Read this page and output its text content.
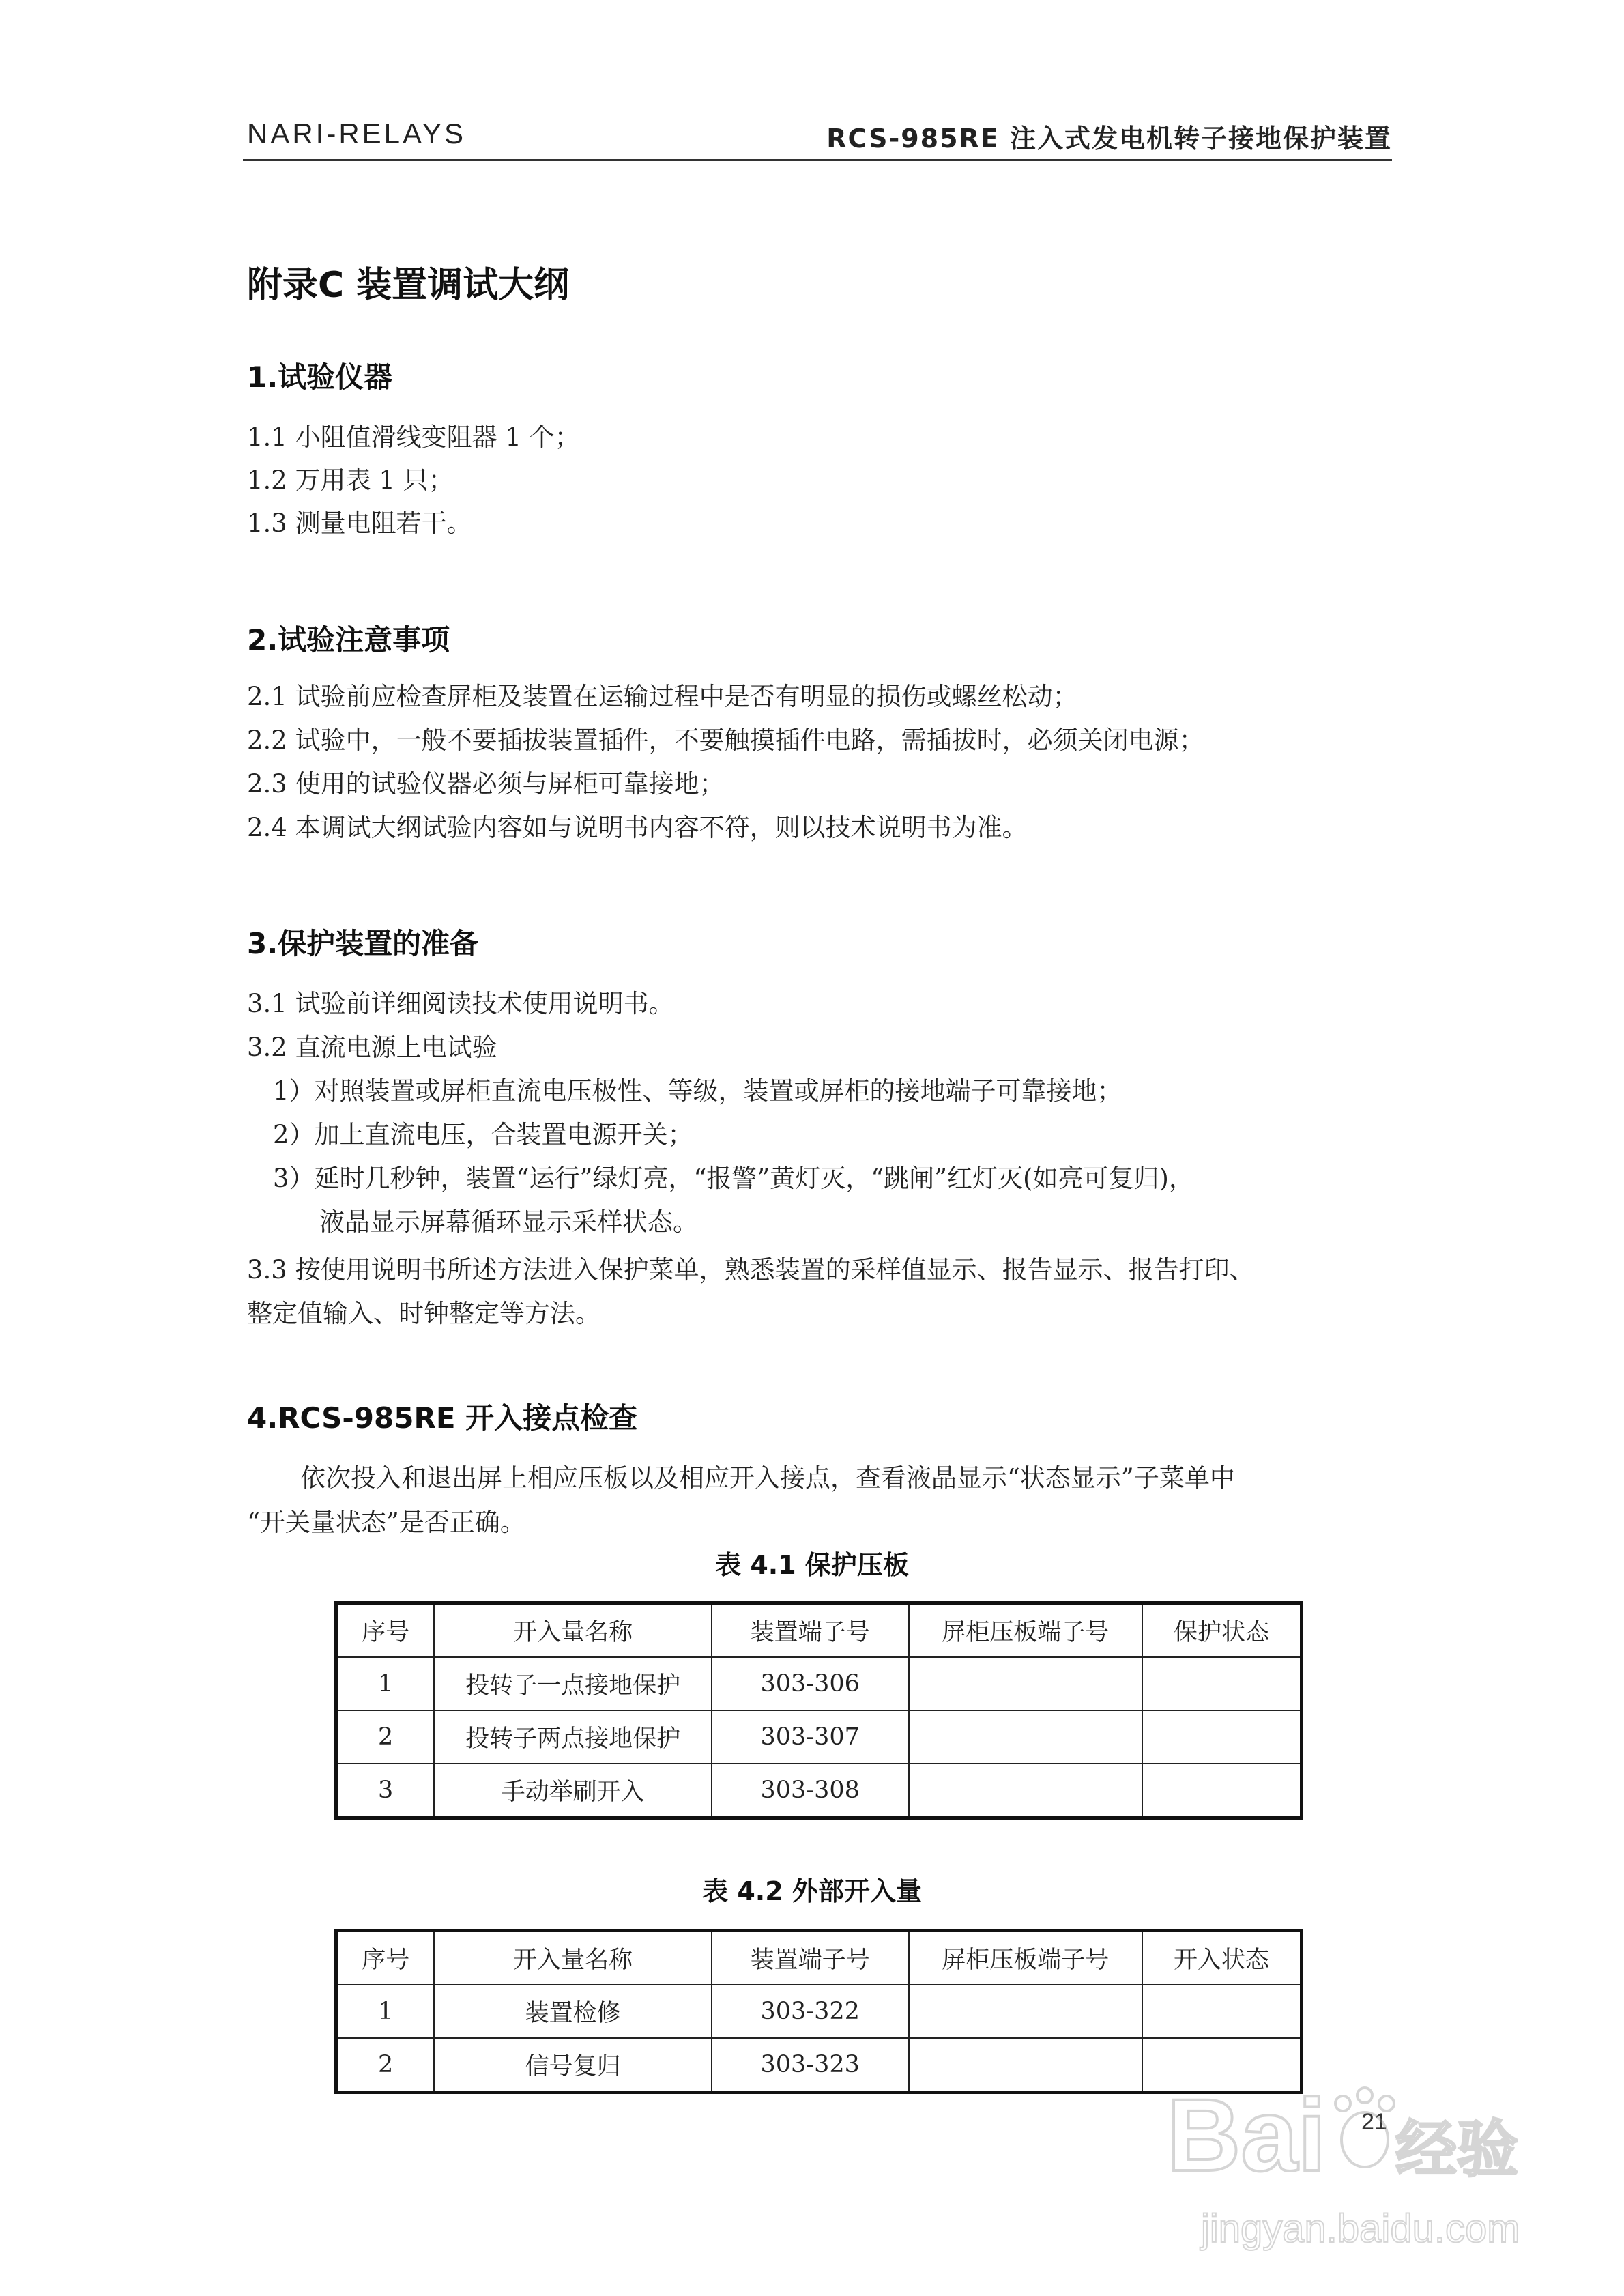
NARI-RELAYS	RCS-985RE 注入式发电机转子接地保护装置
附录C 装置调试大纲
1.试验仪器
1.1 小阻值滑线变阻器 1 个；
1.2 万用表 1 只；
1.3 测量电阻若干。
2.试验注意事项
2.1 试验前应检查屏柜及装置在运输过程中是否有明显的损伤或螺丝松动；
2.2 试验中，一般不要插拔装置插件，不要触摸插件电路，需插拔时，必须关闭电源；
2.3 使用的试验仪器必须与屏柜可靠接地；
2.4 本调试大纲试验内容如与说明书内容不符，则以技术说明书为准。
3.保护装置的准备
3.1 试验前详细阅读技术使用说明书。
3.2 直流电源上电试验
1）对照装置或屏柜直流电压极性、等级，装置或屏柜的接地端子可靠接地；
2）加上直流电压，合装置电源开关；
3）延时几秒钟，装置“运行”绿灯亮，“报警”黄灯灭，“跳闸”红灯灭(如亮可复归)，
液晶显示屏幕循环显示采样状态。
3.3 按使用说明书所述方法进入保护菜单，熟悉装置的采样值显示、报告显示、报告打印、
整定值输入、时钟整定等方法。
4.RCS-985RE 开入接点检查
依次投入和退出屏上相应压板以及相应开入接点，查看液晶显示“状态显示”子菜单中
“开关量状态”是否正确。
表 4.1 保护压板
序号	开入量名称	装置端子号	屏柜压板端子号	保护状态
1	投转子一点接地保护	303-306		
2	投转子两点接地保护	303-307		
3	手动举刷开入	303-308		
表 4.2 外部开入量
序号	开入量名称	装置端子号	屏柜压板端子号	开入状态
1	装置检修	303-322		
2	信号复归	303-323		
21
Bai 经验
jingyan.baidu.com
